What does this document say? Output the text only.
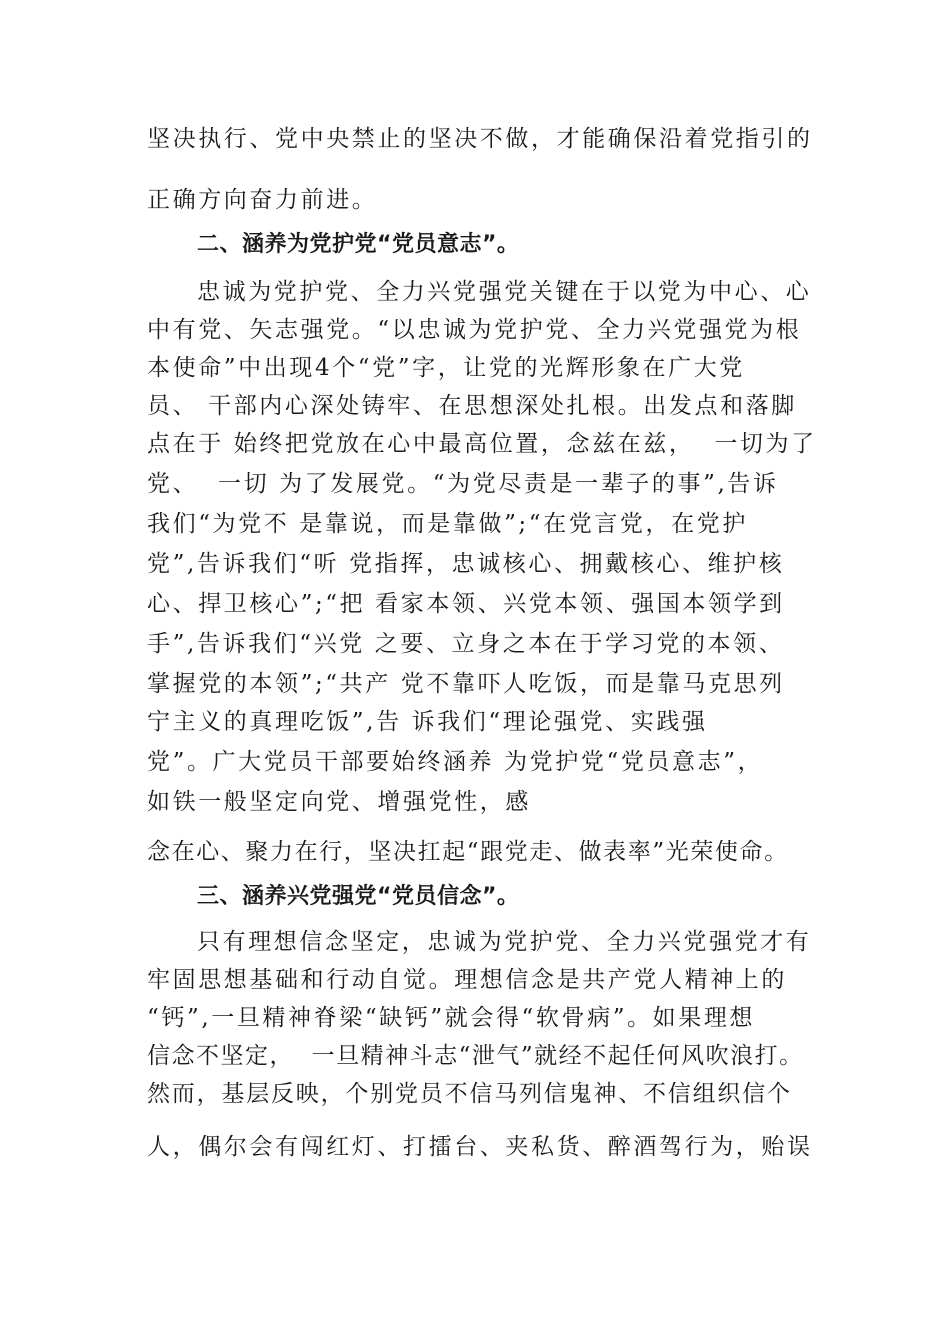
坚决执行、党中央禁止的坚决不做，才能确保沿着党指引的
正确方向奋力前进。
二、涵养为党护党“党员意志”。
忠诚为党护党、全力兴党强党关键在于以党为中心、心
中有党、矢志强党。“以忠诚为党护党、全力兴党强党为根
本使命”中出现4个“党”字，让党的光辉形象在广大党
员、 干部内心深处铸牢、在思想深处扎根。出发点和落脚
点在于 始终把党放在心中最高位置，念兹在兹，  一切为了
党、  一切 为了发展党。“为党尽责是一辈子的事”,告诉
我们“为党不 是靠说，而是靠做”;“在党言党，在党护
党”,告诉我们“听 党指挥，忠诚核心、拥戴核心、维护核
心、捍卫核心”;“把 看家本领、兴党本领、强国本领学到
手”,告诉我们“兴党 之要、立身之本在于学习党的本领、
掌握党的本领”;“共产 党不靠吓人吃饭，而是靠马克思列
宁主义的真理吃饭”,告 诉我们“理论强党、实践强
党”。广大党员干部要始终涵养 为党护党“党员意志”，
如铁一般坚定向党、增强党性，感
念在心、聚力在行，坚决扛起“跟党走、做表率”光荣使命。
三、涵养兴党强党“党员信念”。
只有理想信念坚定，忠诚为党护党、全力兴党强党才有
牢固思想基础和行动自觉。理想信念是共产党人精神上的
“钙”,一旦精神脊梁“缺钙”就会得“软骨病”。如果理想
信念不坚定，  一旦精神斗志“泄气”就经不起任何风吹浪打。
然而，基层反映，个别党员不信马列信鬼神、不信组织信个
人，偶尔会有闯红灯、打擂台、夹私货、醉酒驾行为，贻误
